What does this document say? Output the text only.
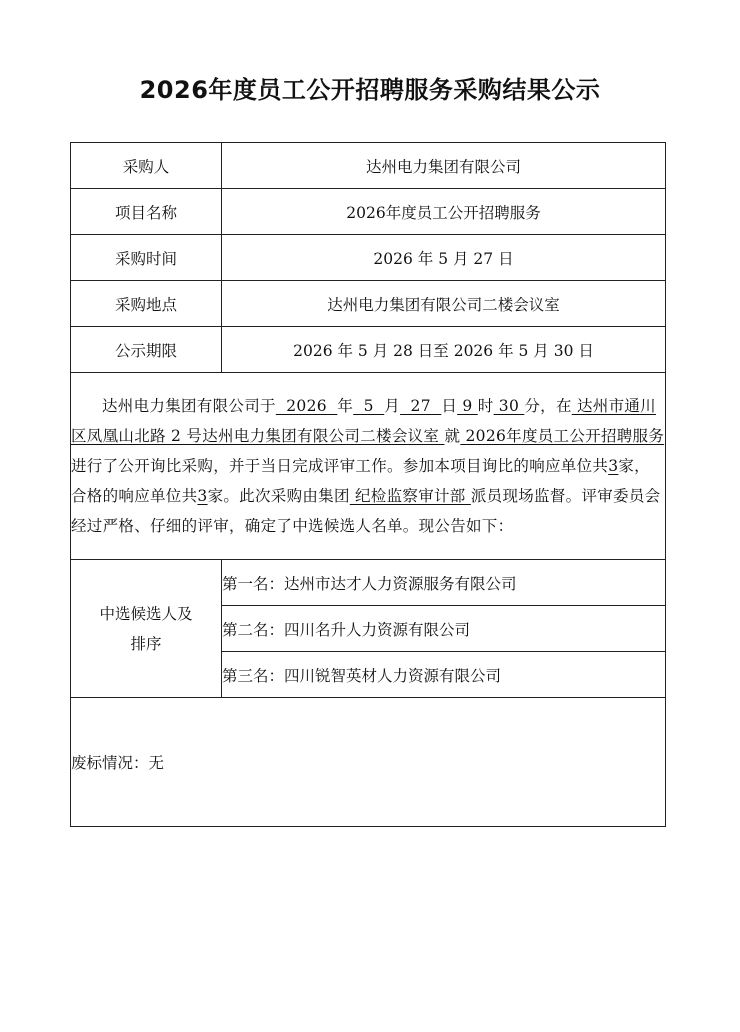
2026年度员工公开招聘服务采购结果公示
采购人	达州电力集团有限公司
项目名称	2026年度员工公开招聘服务
采购时间	2026 年 5 月 27 日
采购地点	达州电力集团有限公司二楼会议室
公示期限	2026 年 5 月 28 日至 2026 年 5 月 30 日

达州电力集团有限公司于  2026  年  5  月  27  日 9 时 30 分，在 达州市通川区凤凰山北路 2 号达州电力集团有限公司二楼会议室 就 2026年度员工公开招聘服务 进行了公开询比采购，并于当日完成评审工作。参加本项目询比的响应单位共3家，合格的响应单位共3家。此次采购由集团 纪检监察审计部 派员现场监督。评审委员会经过严格、仔细的评审，确定了中选候选人名单。现公告如下：	

中选候选人及
排序	第一名：达州市达才人力资源服务有限公司
	第二名：四川名升人力资源有限公司
	第三名：四川锐智英材人力资源有限公司
废标情况：无	
